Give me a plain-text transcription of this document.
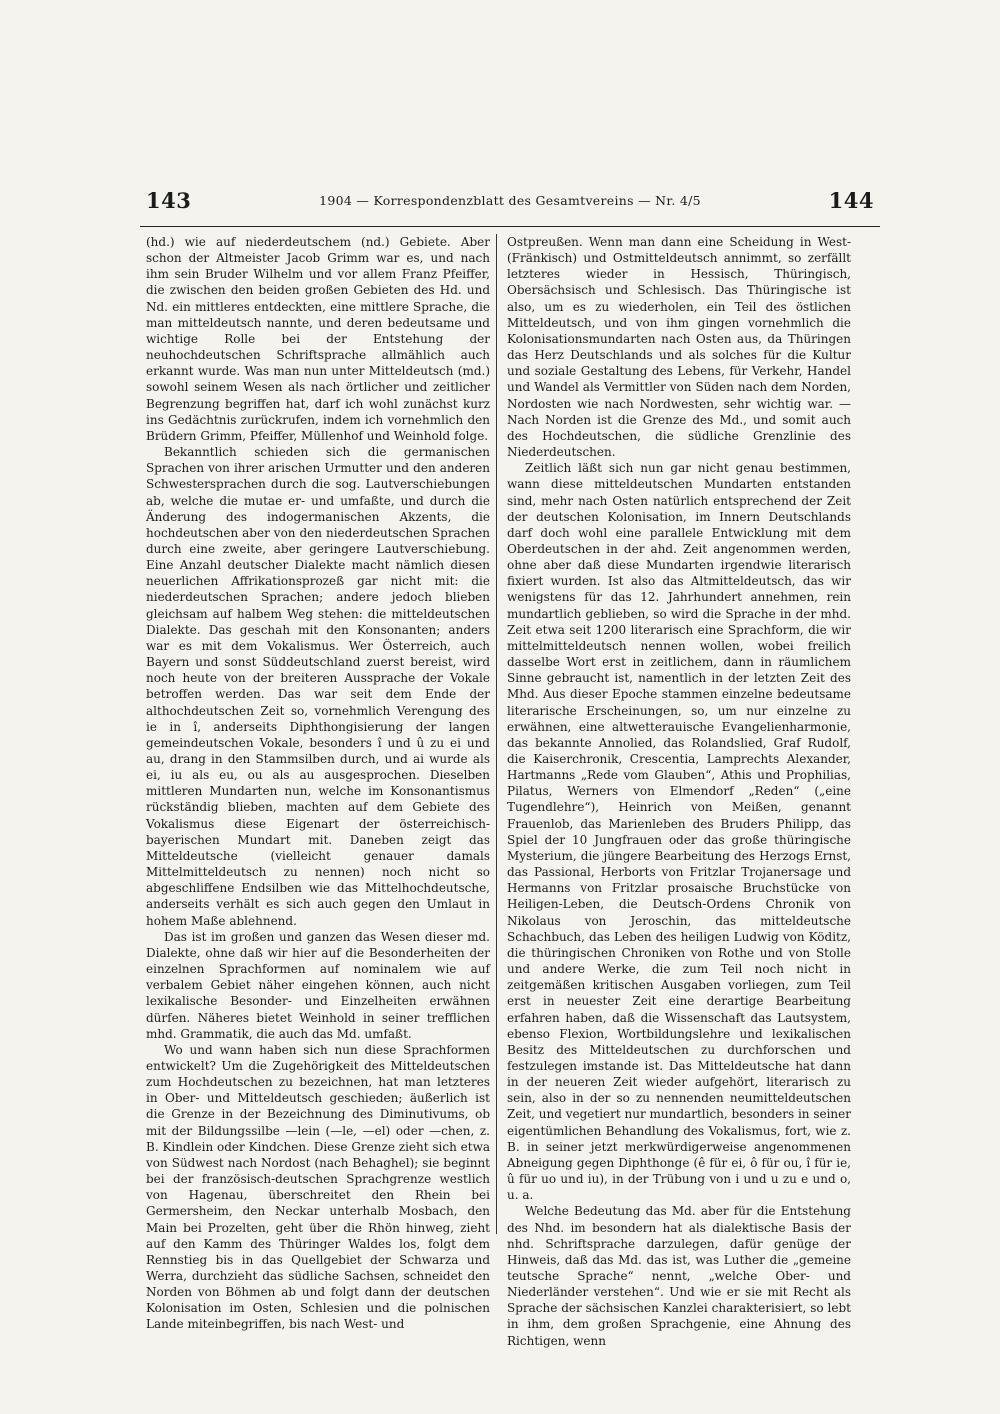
143	1904 — Korrespondenzblatt des Gesamtvereins — Nr. 4/5	144

(hd.) wie auf niederdeutschem (nd.) Gebiete. Aber schon der Altmeister Jacob Grimm war es, und nach ihm sein Bruder Wilhelm und vor allem Franz Pfeiffer, die zwischen den beiden großen Gebieten des Hd. und Nd. ein mittleres entdeckten, eine mittlere Sprache, die man mitteldeutsch nannte, und deren bedeutsame und wichtige Rolle bei der Entstehung der neuhochdeutschen Schriftsprache allmählich auch erkannt wurde. Was man nun unter Mitteldeutsch (md.) sowohl seinem Wesen als nach örtlicher und zeitlicher Begrenzung begriffen hat, darf ich wohl zunächst kurz ins Gedächtnis zurückrufen, indem ich vornehmlich den Brüdern Grimm, Pfeiffer, Müllenhof und Weinhold folge.

Bekanntlich schieden sich die germanischen Sprachen von ihrer arischen Urmutter und den anderen Schwestersprachen durch die sog. Lautverschiebungen ab, welche die mutae er- und umfaßte, und durch die Änderung des indogermanischen Akzents, die hochdeutschen aber von den niederdeutschen Sprachen durch eine zweite, aber geringere Lautverschiebung. Eine Anzahl deutscher Dialekte macht nämlich diesen neuerlichen Affrikationsprozeß gar nicht mit: die niederdeutschen Sprachen; andere jedoch blieben gleichsam auf halbem Weg stehen: die mitteldeutschen Dialekte. Das geschah mit den Konsonanten; anders war es mit dem Vokalismus. Wer Österreich, auch Bayern und sonst Süddeutschland zuerst bereist, wird noch heute von der breiteren Aussprache der Vokale betroffen werden. Das war seit dem Ende der althochdeutschen Zeit so, vornehmlich Verengung des ie in î, anderseits Diphthongisierung der langen gemeindeutschen Vokale, besonders î und û zu ei und au, drang in den Stammsilben durch, und ai wurde als ei, iu als eu, ou als au ausgesprochen. Dieselben mittleren Mundarten nun, welche im Konsonantismus rückständig blieben, machten auf dem Gebiete des Vokalismus diese Eigenart der österreichisch-bayerischen Mundart mit. Daneben zeigt das Mitteldeutsche (vielleicht genauer damals Mittelmitteldeutsch zu nennen) noch nicht so abgeschliffene Endsilben wie das Mittelhochdeutsche, anderseits verhält es sich auch gegen den Umlaut in hohem Maße ablehnend.

Das ist im großen und ganzen das Wesen dieser md. Dialekte, ohne daß wir hier auf die Besonderheiten der einzelnen Sprachformen auf nominalem wie auf verbalem Gebiet näher eingehen können, auch nicht lexikalische Besonder- und Einzelheiten erwähnen dürfen. Näheres bietet Weinhold in seiner trefflichen mhd. Grammatik, die auch das Md. umfaßt.

Wo und wann haben sich nun diese Sprachformen entwickelt? Um die Zugehörigkeit des Mitteldeutschen zum Hochdeutschen zu bezeichnen, hat man letzteres in Ober- und Mitteldeutsch geschieden; äußerlich ist die Grenze in der Bezeichnung des Diminutivums, ob mit der Bildungssilbe —lein (—le, —el) oder —chen, z. B. Kindlein oder Kindchen. Diese Grenze zieht sich etwa von Südwest nach Nordost (nach Behaghel); sie beginnt bei der französisch-deutschen Sprachgrenze westlich von Hagenau, überschreitet den Rhein bei Germersheim, den Neckar unterhalb Mosbach, den Main bei Prozelten, geht über die Rhön hinweg, zieht auf den Kamm des Thüringer Waldes los, folgt dem Rennstieg bis in das Quellgebiet der Schwarza und Werra, durchzieht das südliche Sachsen, schneidet den Norden von Böhmen ab und folgt dann der deutschen Kolonisation im Osten, Schlesien und die polnischen Lande miteinbegriffen, bis nach West- und

Ostpreußen. Wenn man dann eine Scheidung in West-(Fränkisch) und Ostmitteldeutsch annimmt, so zerfällt letzteres wieder in Hessisch, Thüringisch, Obersächsisch und Schlesisch. Das Thüringische ist also, um es zu wiederholen, ein Teil des östlichen Mitteldeutsch, und von ihm gingen vornehmlich die Kolonisationsmundarten nach Osten aus, da Thüringen das Herz Deutschlands und als solches für die Kultur und soziale Gestaltung des Lebens, für Verkehr, Handel und Wandel als Vermittler von Süden nach dem Norden, Nordosten wie nach Nordwesten, sehr wichtig war. — Nach Norden ist die Grenze des Md., und somit auch des Hochdeutschen, die südliche Grenzlinie des Niederdeutschen.

Zeitlich läßt sich nun gar nicht genau bestimmen, wann diese mitteldeutschen Mundarten entstanden sind, mehr nach Osten natürlich entsprechend der Zeit der deutschen Kolonisation, im Innern Deutschlands darf doch wohl eine parallele Entwicklung mit dem Oberdeutschen in der ahd. Zeit angenommen werden, ohne aber daß diese Mundarten irgendwie literarisch fixiert wurden. Ist also das Altmitteldeutsch, das wir wenigstens für das 12. Jahrhundert annehmen, rein mundartlich geblieben, so wird die Sprache in der mhd. Zeit etwa seit 1200 literarisch eine Sprachform, die wir mittelmitteldeutsch nennen wollen, wobei freilich dasselbe Wort erst in zeitlichem, dann in räumlichem Sinne gebraucht ist, namentlich in der letzten Zeit des Mhd. Aus dieser Epoche stammen einzelne bedeutsame literarische Erscheinungen, so, um nur einzelne zu erwähnen, eine altwetterauische Evangelienharmonie, das bekannte Annolied, das Rolandslied, Graf Rudolf, die Kaiserchronik, Crescentia, Lamprechts Alexander, Hartmanns „Rede vom Glauben“, Athis und Prophilias, Pilatus, Werners von Elmendorf „Reden“ („eine Tugendlehre“), Heinrich von Meißen, genannt Frauenlob, das Marienleben des Bruders Philipp, das Spiel der 10 Jungfrauen oder das große thüringische Mysterium, die jüngere Bearbeitung des Herzogs Ernst, das Passional, Herborts von Fritzlar Trojanersage und Hermanns von Fritzlar prosaische Bruchstücke von Heiligen-Leben, die Deutsch-Ordens Chronik von Nikolaus von Jeroschin, das mitteldeutsche Schachbuch, das Leben des heiligen Ludwig von Köditz, die thüringischen Chroniken von Rothe und von Stolle und andere Werke, die zum Teil noch nicht in zeitgemäßen kritischen Ausgaben vorliegen, zum Teil erst in neuester Zeit eine derartige Bearbeitung erfahren haben, daß die Wissenschaft das Lautsystem, ebenso Flexion, Wortbildungslehre und lexikalischen Besitz des Mitteldeutschen zu durchforschen und festzulegen imstande ist. Das Mitteldeutsche hat dann in der neueren Zeit wieder aufgehört, literarisch zu sein, also in der so zu nennenden neumitteldeutschen Zeit, und vegetiert nur mundartlich, besonders in seiner eigentümlichen Behandlung des Vokalismus, fort, wie z. B. in seiner jetzt merkwürdigerweise angenommenen Abneigung gegen Diphthonge (ê für ei, ô für ou, î für ie, û für uo und iu), in der Trübung von i und u zu e und o, u. a.

Welche Bedeutung das Md. aber für die Entstehung des Nhd. im besondern hat als dialektische Basis der nhd. Schriftsprache darzulegen, dafür genüge der Hinweis, daß das Md. das ist, was Luther die „gemeine teutsche Sprache“ nennt, „welche Ober- und Niederländer verstehen“. Und wie er sie mit Recht als Sprache der sächsischen Kanzlei charakterisiert, so lebt in ihm, dem großen Sprachgenie, eine Ahnung des Richtigen, wenn
